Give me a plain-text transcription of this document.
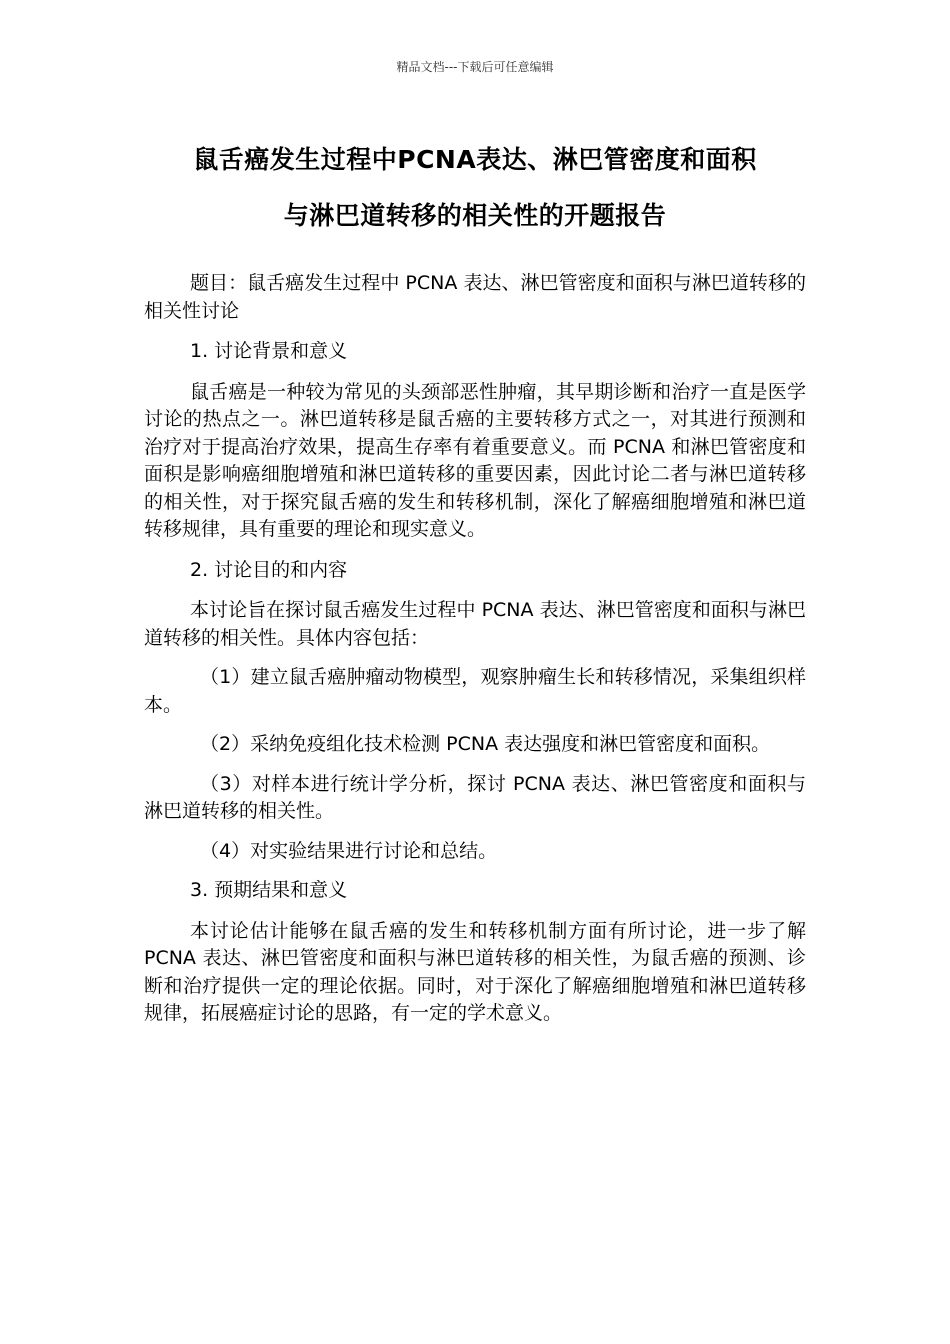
精品文档---下载后可任意编辑
鼠舌癌发生过程中PCNA表达、淋巴管密度和面积
与淋巴道转移的相关性的开题报告

题目：鼠舌癌发生过程中 PCNA 表达、淋巴管密度和面积与淋巴道转移的相关性讨论

1. 讨论背景和意义

鼠舌癌是一种较为常见的头颈部恶性肿瘤，其早期诊断和治疗一直是医学讨论的热点之一。淋巴道转移是鼠舌癌的主要转移方式之一，对其进行预测和治疗对于提高治疗效果，提高生存率有着重要意义。而 PCNA 和淋巴管密度和面积是影响癌细胞增殖和淋巴道转移的重要因素，因此讨论二者与淋巴道转移的相关性，对于探究鼠舌癌的发生和转移机制，深化了解癌细胞增殖和淋巴道转移规律，具有重要的理论和现实意义。

2. 讨论目的和内容

本讨论旨在探讨鼠舌癌发生过程中 PCNA 表达、淋巴管密度和面积与淋巴道转移的相关性。具体内容包括：

（1）建立鼠舌癌肿瘤动物模型，观察肿瘤生长和转移情况，采集组织样本。

（2）采纳免疫组化技术检测 PCNA 表达强度和淋巴管密度和面积。

（3）对样本进行统计学分析，探讨 PCNA 表达、淋巴管密度和面积与淋巴道转移的相关性。

（4）对实验结果进行讨论和总结。

3. 预期结果和意义

本讨论估计能够在鼠舌癌的发生和转移机制方面有所讨论，进一步了解 PCNA 表达、淋巴管密度和面积与淋巴道转移的相关性，为鼠舌癌的预测、诊断和治疗提供一定的理论依据。同时，对于深化了解癌细胞增殖和淋巴道转移规律，拓展癌症讨论的思路，有一定的学术意义。
